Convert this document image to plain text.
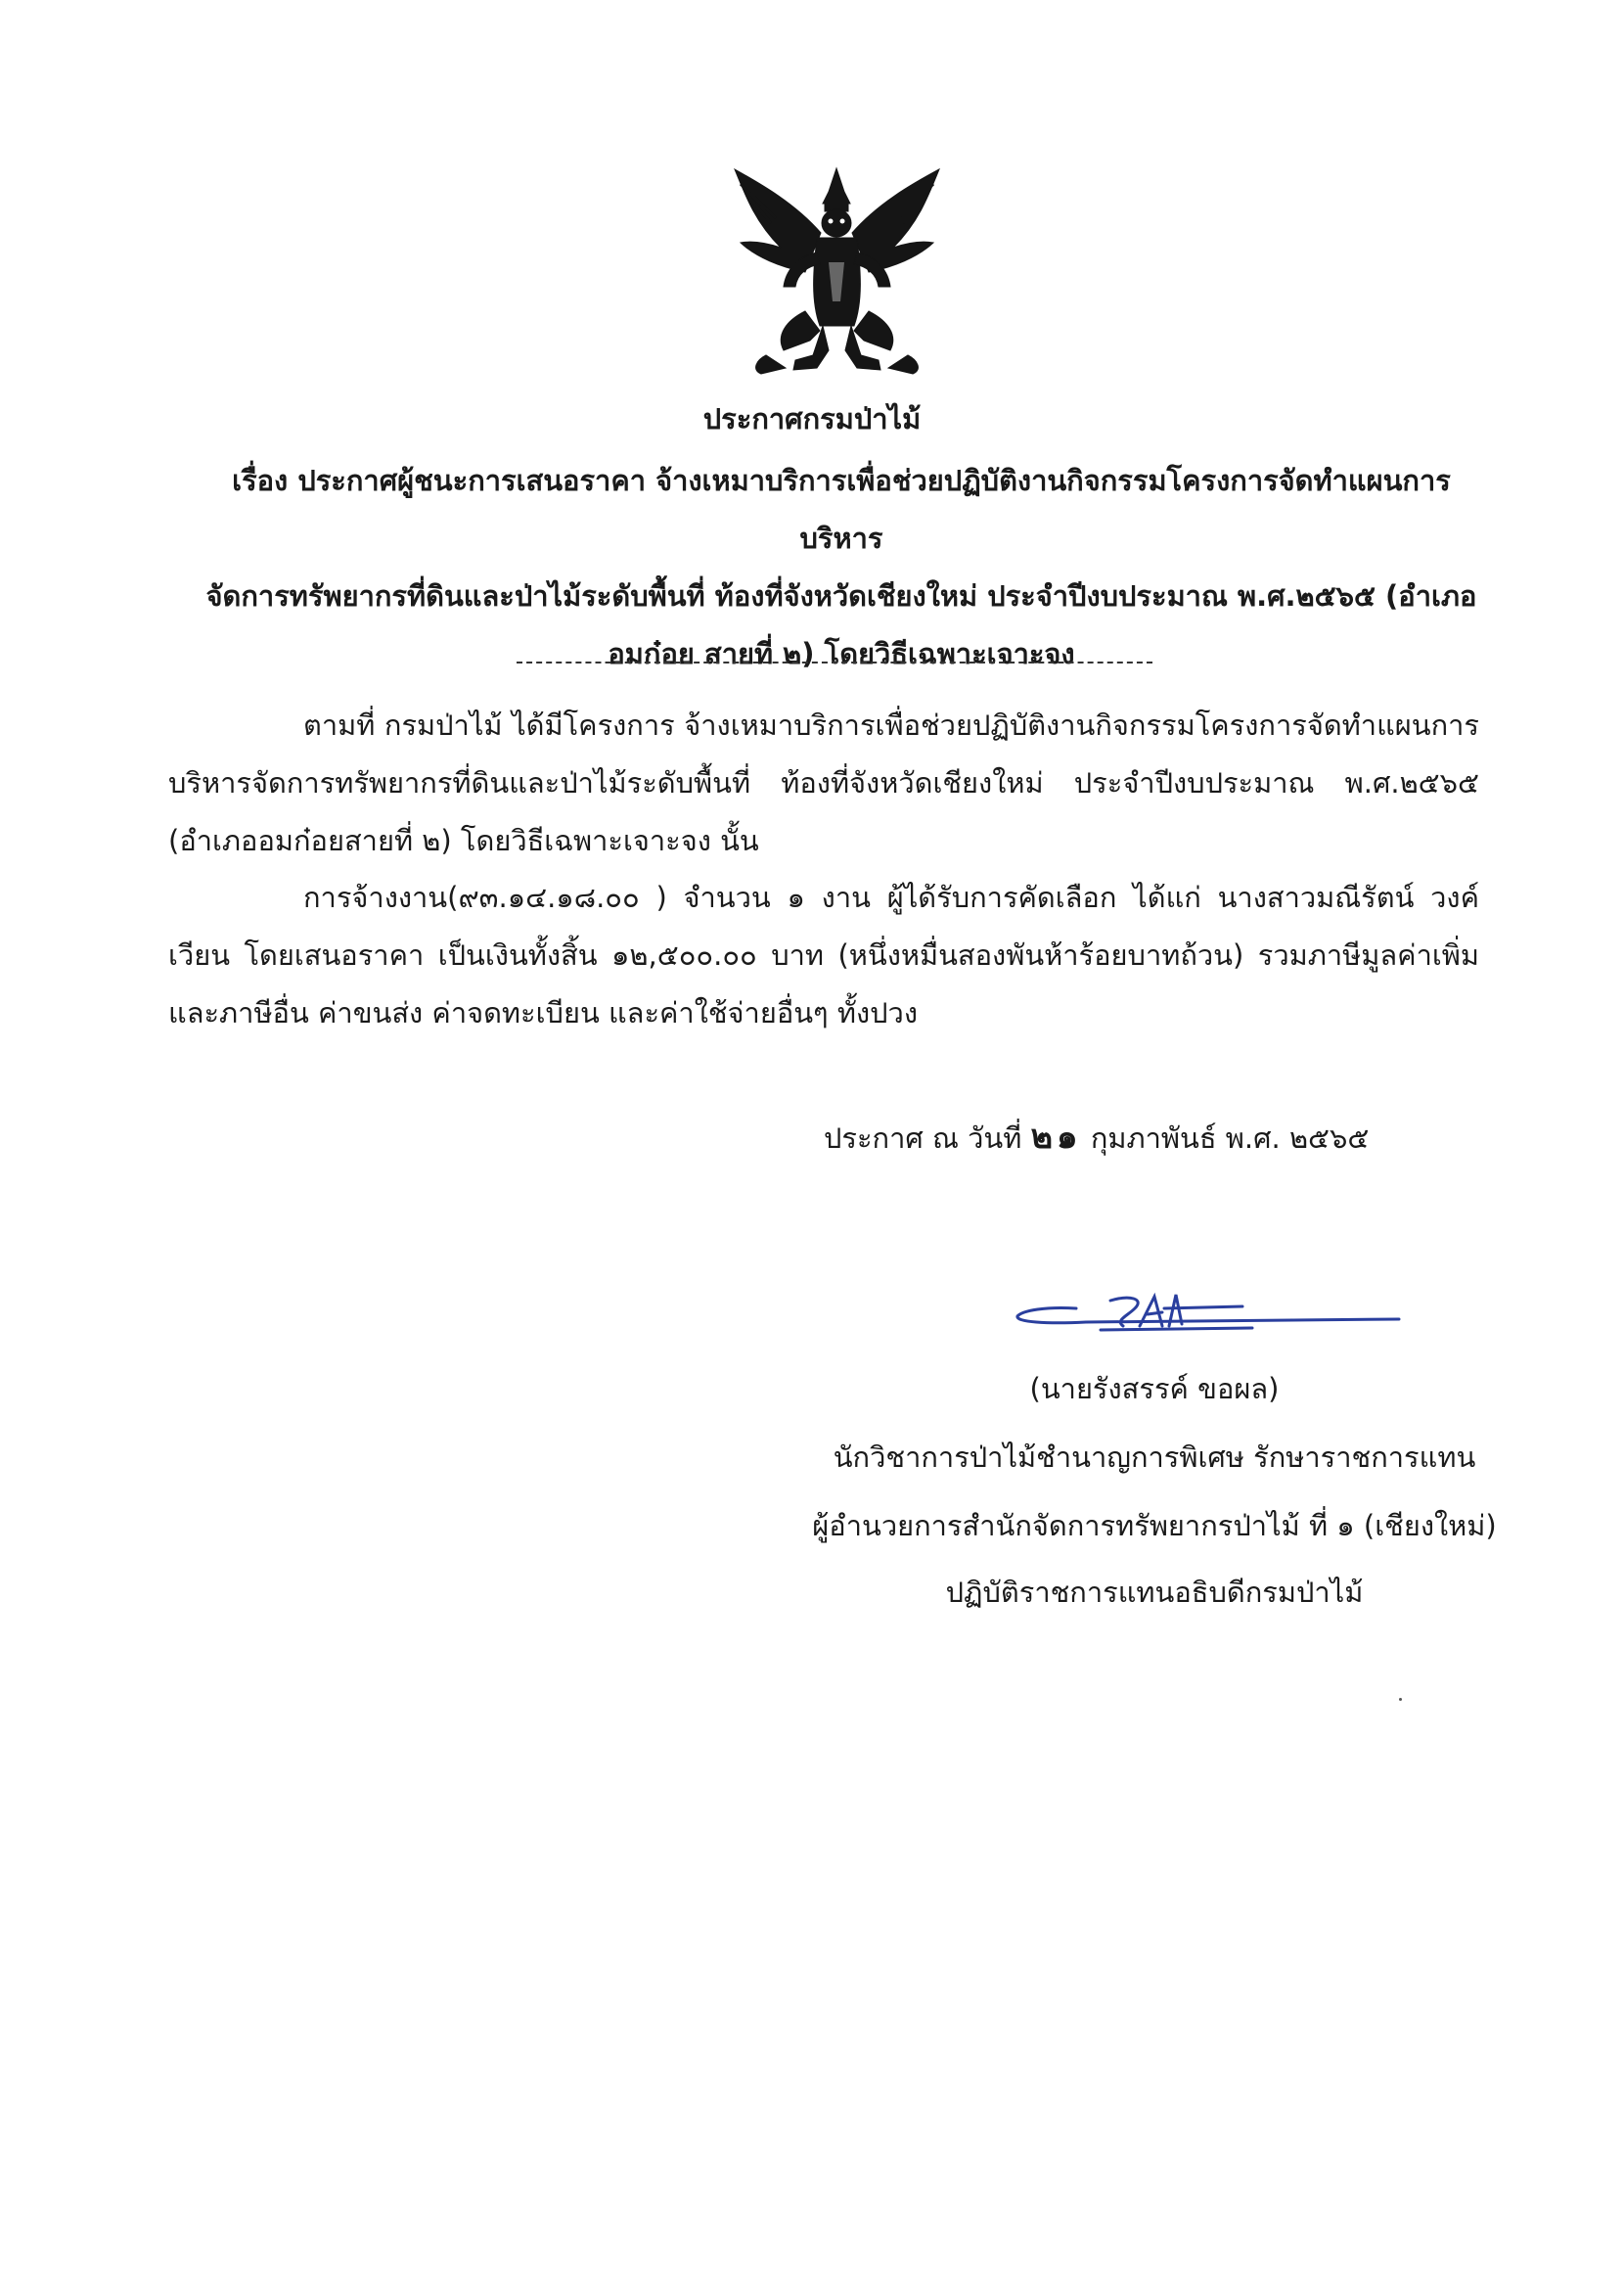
ประกาศกรมป่าไม้
เรื่อง ประกาศผู้ชนะการเสนอราคา จ้างเหมาบริการเพื่อช่วยปฏิบัติงานกิจกรรมโครงการจัดทำแผนการบริหาร
จัดการทรัพยากรที่ดินและป่าไม้ระดับพื้นที่ ท้องที่จังหวัดเชียงใหม่ ประจำปีงบประมาณ พ.ศ.๒๕๖๕ (อำเภอ
อมก๋อย สายที่ ๒) โดยวิธีเฉพาะเจาะจง
ตามที่ กรมป่าไม้ ได้มีโครงการ จ้างเหมาบริการเพื่อช่วยปฏิบัติงานกิจกรรมโครงการจัดทำแผนการบริหารจัดการทรัพยากรที่ดินและป่าไม้ระดับพื้นที่ ท้องที่จังหวัดเชียงใหม่ ประจำปีงบประมาณ พ.ศ.๒๕๖๕ (อำเภออมก๋อยสายที่ ๒) โดยวิธีเฉพาะเจาะจง นั้น
การจ้างงาน(๙๓.๑๔.๑๘.๐๐ ) จำนวน ๑ งาน ผู้ได้รับการคัดเลือก ได้แก่ นางสาวมณีรัตน์ วงค์เวียน โดยเสนอราคา เป็นเงินทั้งสิ้น ๑๒,๕๐๐.๐๐ บาท (หนึ่งหมื่นสองพันห้าร้อยบาทถ้วน) รวมภาษีมูลค่าเพิ่มและภาษีอื่น ค่าขนส่ง ค่าจดทะเบียน และค่าใช้จ่ายอื่นๆ ทั้งปวง
ประกาศ ณ วันที่ ๒๑ กุมภาพันธ์ พ.ศ. ๒๕๖๕
(นายรังสรรค์ ขอผล)
นักวิชาการป่าไม้ชำนาญการพิเศษ รักษาราชการแทน
ผู้อำนวยการสำนักจัดการทรัพยากรป่าไม้ ที่ ๑ (เชียงใหม่)
ปฏิบัติราชการแทนอธิบดีกรมป่าไม้
